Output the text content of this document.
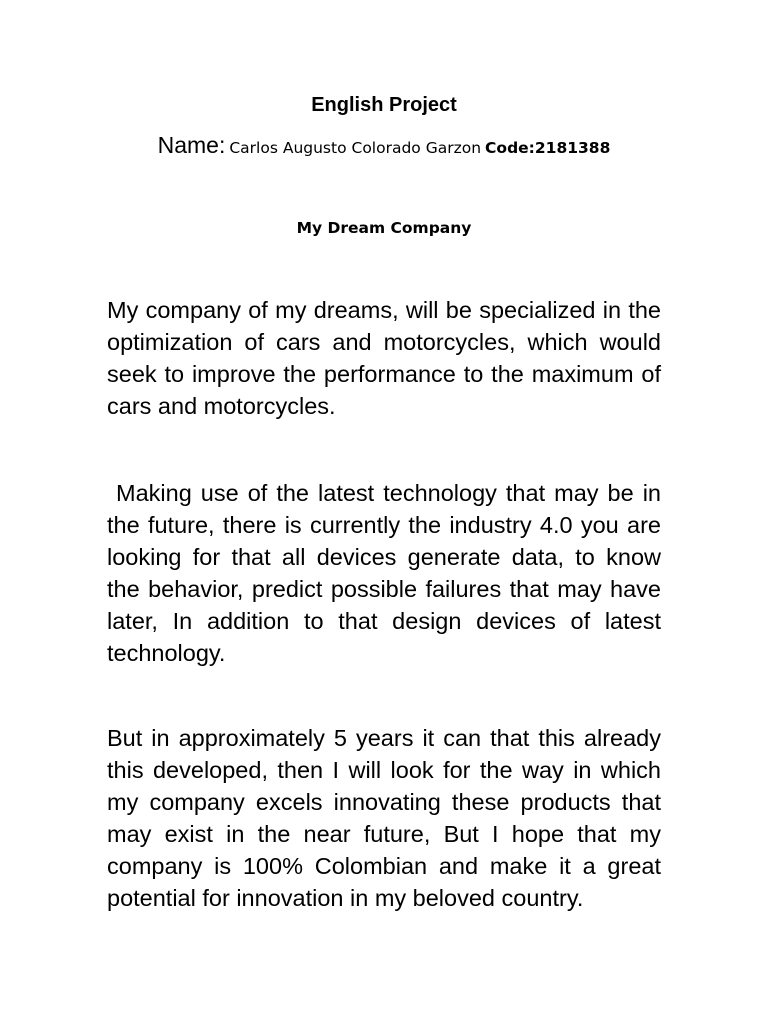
English Project
Name: Carlos Augusto Colorado Garzon Code:2181388
My Dream Company

My company of my dreams, will be specialized in the optimization of cars and motorcycles, which would seek to improve the performance to the maximum of cars and motorcycles.

Making use of the latest technology that may be in the future, there is currently the industry 4.0 you are looking for that all devices generate data, to know the behavior, predict possible failures that may have later, In addition to that design devices of latest technology.

But in approximately 5 years it can that this already this developed, then I will look for the way in which my company excels innovating these products that may exist in the near future, But I hope that my company is 100% Colombian and make it a great potential for innovation in my beloved country.
